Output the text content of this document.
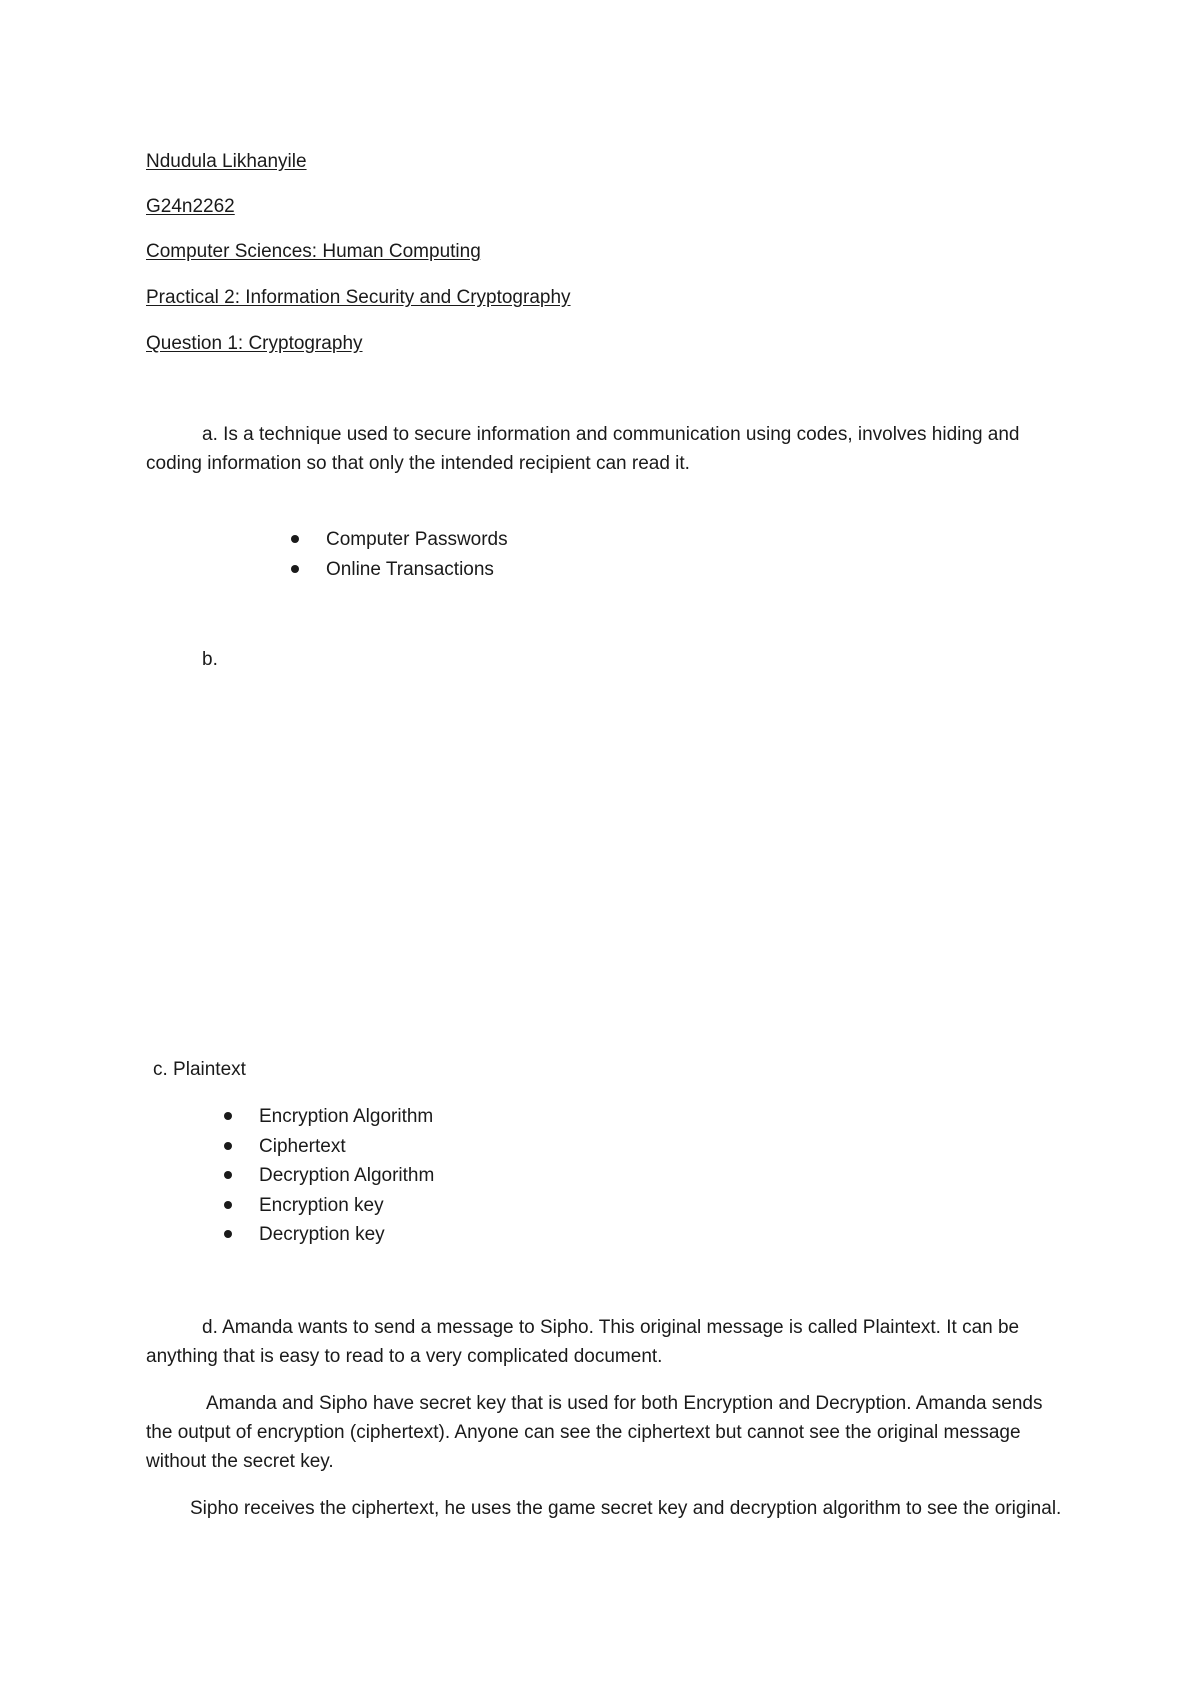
Ndudula Likhanyile
G24n2262
Computer Sciences: Human Computing
Practical 2: Information Security and Cryptography
Question 1: Cryptography

a. Is a technique used to secure information and communication using codes, involves hiding and coding information so that only the intended recipient can read it.

Computer Passwords
Online Transactions
b.
c. Plaintext
Encryption Algorithm
Ciphertext
Decryption Algorithm
Encryption key
Decryption key

d. Amanda wants to send a message to Sipho. This original message is called Plaintext. It can be anything that is easy to read to a very complicated document.

Amanda and Sipho have secret key that is used for both Encryption and Decryption. Amanda sends the output of encryption (ciphertext). Anyone can see the ciphertext but cannot see the original message without the secret key.

Sipho receives the ciphertext, he uses the game secret key and decryption algorithm to see the original.
